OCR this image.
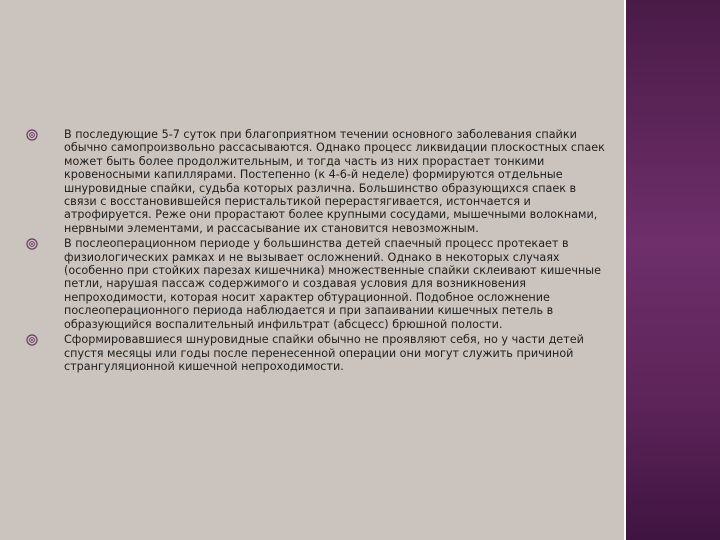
В последующие 5-7 суток при благоприятном течении основного заболевания спайки обычно самопроизвольно рассасываются. Однако процесс ликвидации плоскостных спаек может быть более продолжительным, и тогда часть из них прорастает тонкими кровеносными капиллярами. Постепенно (к 4-6-й неделе) формируются отдельные шнуровидные спайки, судьба которых различна. Большинство образующихся спаек в связи с восстановившейся перистальтикой перерастягивается, истончается и атрофируется. Реже они прорастают более крупными сосудами, мышечными волокнами, нервными элементами, и рассасывание их становится невозможным.
В послеоперационном периоде у большинства детей спаечный процесс протекает в физиологических рамках и не вызывает осложнений. Однако в некоторых случаях (особенно при стойких парезах кишечника) множественные спайки склеивают кишечные петли, нарушая пассаж содержимого и создавая условия для возникновения непроходимости, которая носит характер обтурационной. Подобное осложнение послеоперационного периода наблюдается и при запаивании кишечных петель в образующийся воспалительный инфильтрат (абсцесс) брюшной полости.
Сформировавшиеся шнуровидные спайки обычно не проявляют себя, но у части детей спустя месяцы или годы после перенесенной операции они могут служить причиной странгуляционной кишечной непроходимости.
